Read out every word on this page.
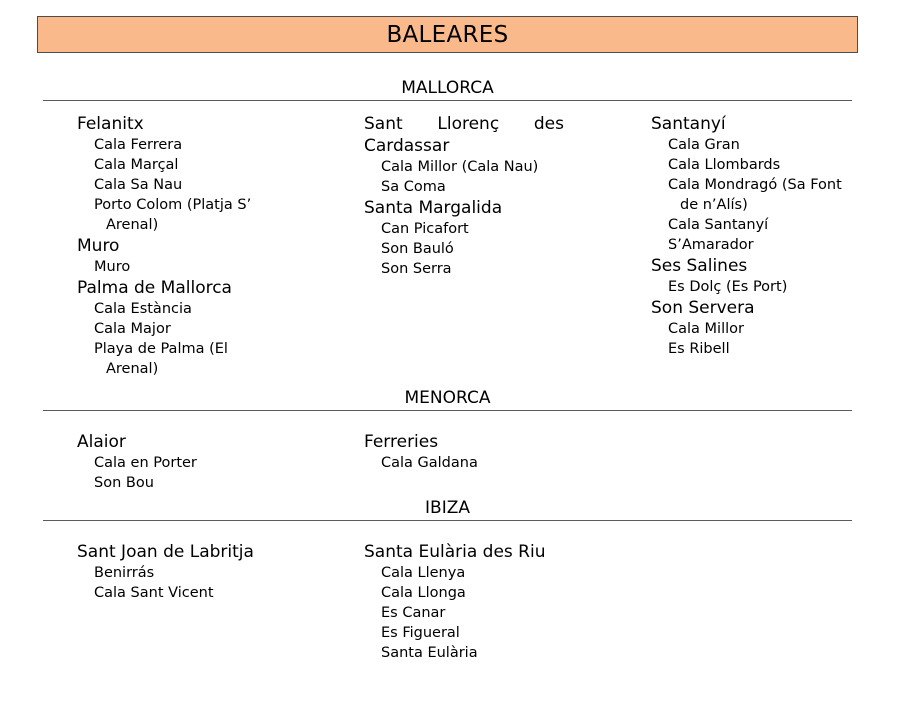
BALEARES
MALLORCA
Felanitx
Cala Ferrera
Cala Marçal
Cala Sa Nau
Porto Colom (Platja S’ Arenal)
Muro
Muro
Palma de Mallorca
Cala Estància
Cala Major
Playa de Palma (El Arenal)
Sant Llorenç des Cardassar
Cala Millor (Cala Nau)
Sa Coma
Santa Margalida
Can Picafort
Son Bauló
Son Serra
Santanyí
Cala Gran
Cala Llombards
Cala Mondragó (Sa Font de n’Alís)
Cala Santanyí
S’Amarador
Ses Salines
Es Dolç (Es Port)
Son Servera
Cala Millor
Es Ribell
MENORCA
Alaior
Cala en Porter
Son Bou
Ferreries
Cala Galdana
IBIZA
Sant Joan de Labritja
Benirrás
Cala Sant Vicent
Santa Eulària des Riu
Cala Llenya
Cala Llonga
Es Canar
Es Figueral
Santa Eulària
